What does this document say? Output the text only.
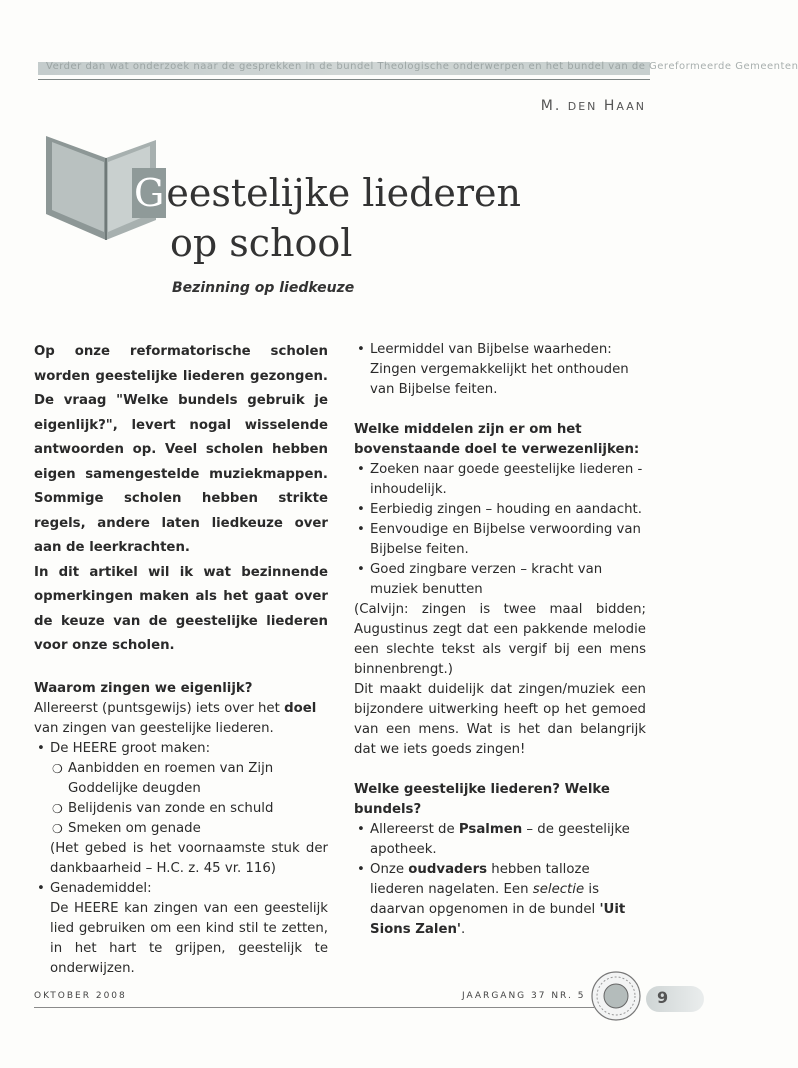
Verder dan wat onderzoek naar de gesprekken in de bundel Theologische onderwerpen en het bundel van de Gereformeerde Gemeenten
M. DEN HAAN
Geestelijke liederen
op school
Bezinning op liedkeuze

Op onze reformatorische scholen worden geestelijke liederen gezongen. De vraag "Welke bundels gebruik je eigenlijk?", levert nogal wisselende antwoorden op. Veel scholen hebben eigen samengestelde muziekmappen. Sommige scholen hebben strikte regels, andere laten liedkeuze over aan de leerkrachten.

In dit artikel wil ik wat bezinnende opmerkingen maken als het gaat over de keuze van de geestelijke liederen voor onze scholen.

Waarom zingen we eigenlijk?

Allereerst (puntsgewijs) iets over het doel van zingen van geestelijke liederen.

• De HEERE groot maken:
❍ Aanbidden en roemen van Zijn Goddelijke deugden
❍ Belijdenis van zonde en schuld
❍ Smeken om genade
(Het gebed is het voornaamste stuk der dankbaarheid – H.C. z. 45 vr. 116)
• Genademiddel:
De HEERE kan zingen van een geestelijk lied gebruiken om een kind stil te zetten, in het hart te grijpen, geestelijk te onderwijzen.
• Leermiddel van Bijbelse waarheden:
Zingen vergemakkelijkt het onthouden van Bijbelse feiten.

Welke middelen zijn er om het bovenstaande doel te verwezenlijken:

• Zoeken naar goede geestelijke liederen - inhoudelijk.
• Eerbiedig zingen – houding en aandacht.
• Eenvoudige en Bijbelse verwoording van Bijbelse feiten.
• Goed zingbare verzen – kracht van muziek benutten

(Calvijn: zingen is twee maal bidden; Augustinus zegt dat een pakkende melodie een slechte tekst als vergif bij een mens binnenbrengt.)

Dit maakt duidelijk dat zingen/muziek een bijzondere uitwerking heeft op het gemoed van een mens. Wat is het dan belangrijk dat we iets goeds zingen!

Welke geestelijke liederen? Welke bundels?

• Allereerst de Psalmen – de geestelijke apotheek.
• Onze oudvaders hebben talloze liederen nagelaten. Een selectie is daarvan opgenomen in de bundel 'Uit Sions Zalen'.
OKTOBER 2008	JAARGANG 37 NR. 5	9
